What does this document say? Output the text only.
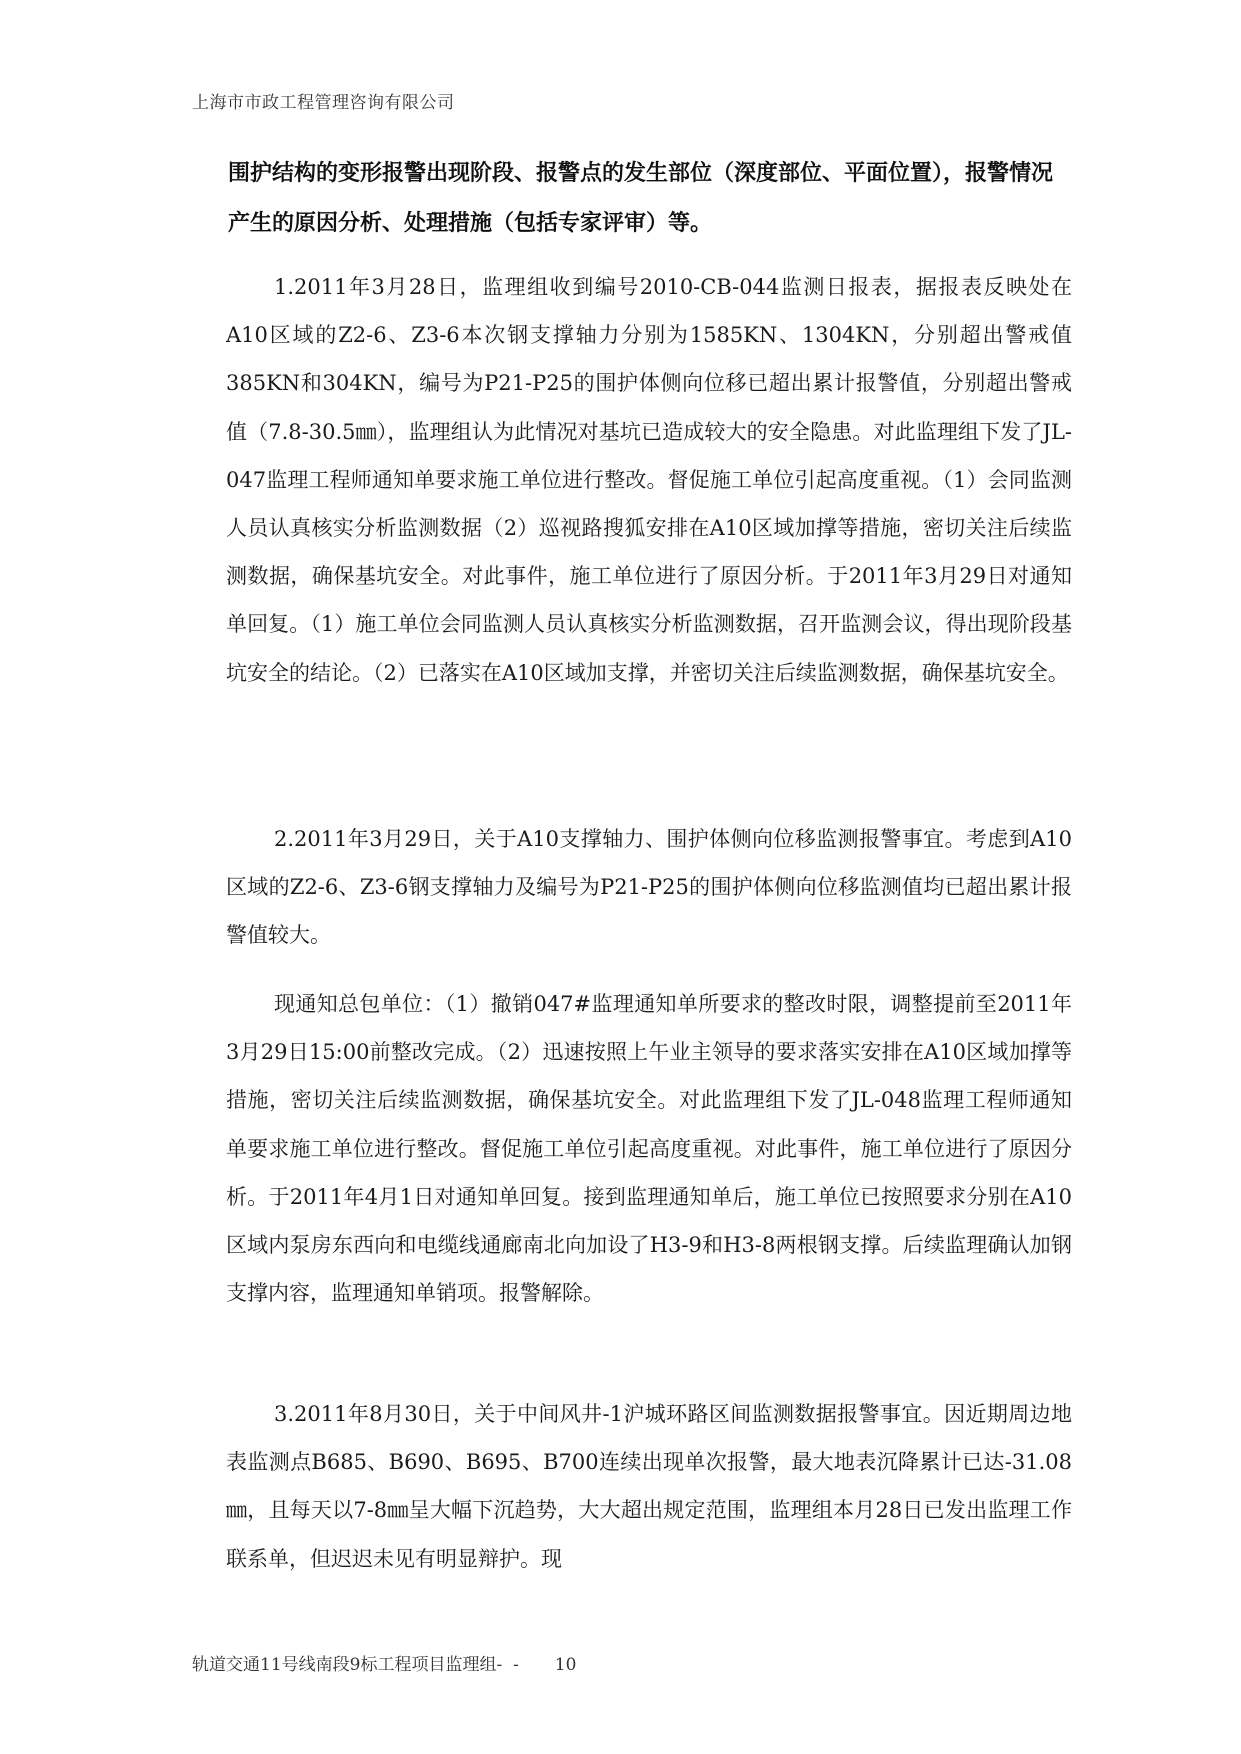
上海市市政工程管理咨询有限公司

围护结构的变形报警出现阶段、报警点的发生部位（深度部位、平面位置），报警情况产生的原因分析、处理措施（包括专家评审）等。

1.2011年3月28日，监理组收到编号2010-CB-044监测日报表，据报表反映处在A10区域的Z2-6、Z3-6本次钢支撑轴力分别为1585KN、1304KN，分别超出警戒值385KN和304KN，编号为P21-P25的围护体侧向位移已超出累计报警值，分别超出警戒值（7.8-30.5㎜），监理组认为此情况对基坑已造成较大的安全隐患。对此监理组下发了JL-047监理工程师通知单要求施工单位进行整改。督促施工单位引起高度重视。（1）会同监测人员认真核实分析监测数据（2）巡视路搜狐安排在A10区域加撑等措施，密切关注后续监测数据，确保基坑安全。对此事件，施工单位进行了原因分析。于2011年3月29日对通知单回复。（1）施工单位会同监测人员认真核实分析监测数据，召开监测会议，得出现阶段基坑安全的结论。（2）已落实在A10区域加支撑，并密切关注后续监测数据，确保基坑安全。

2.2011年3月29日，关于A10支撑轴力、围护体侧向位移监测报警事宜。考虑到A10区域的Z2-6、Z3-6钢支撑轴力及编号为P21-P25的围护体侧向位移监测值均已超出累计报警值较大。

现通知总包单位：（1）撤销047#监理通知单所要求的整改时限，调整提前至2011年3月29日15:00前整改完成。（2）迅速按照上午业主领导的要求落实安排在A10区域加撑等措施，密切关注后续监测数据，确保基坑安全。对此监理组下发了JL-048监理工程师通知单要求施工单位进行整改。督促施工单位引起高度重视。对此事件，施工单位进行了原因分析。于2011年4月1日对通知单回复。接到监理通知单后，施工单位已按照要求分别在A10区域内泵房东西向和电缆线通廊南北向加设了H3-9和H3-8两根钢支撑。后续监理确认加钢支撑内容，监理通知单销项。报警解除。

3.2011年8月30日，关于中间风井-1沪城环路区间监测数据报警事宜。因近期周边地表监测点B685、B690、B695、B700连续出现单次报警，最大地表沉降累计已达-31.08㎜，且每天以7-8㎜呈大幅下沉趋势，大大超出规定范围，监理组本月28日已发出监理工作联系单，但迟迟未见有明显辩护。现

轨道交通11号线南段9标工程项目监理组-  - 10
